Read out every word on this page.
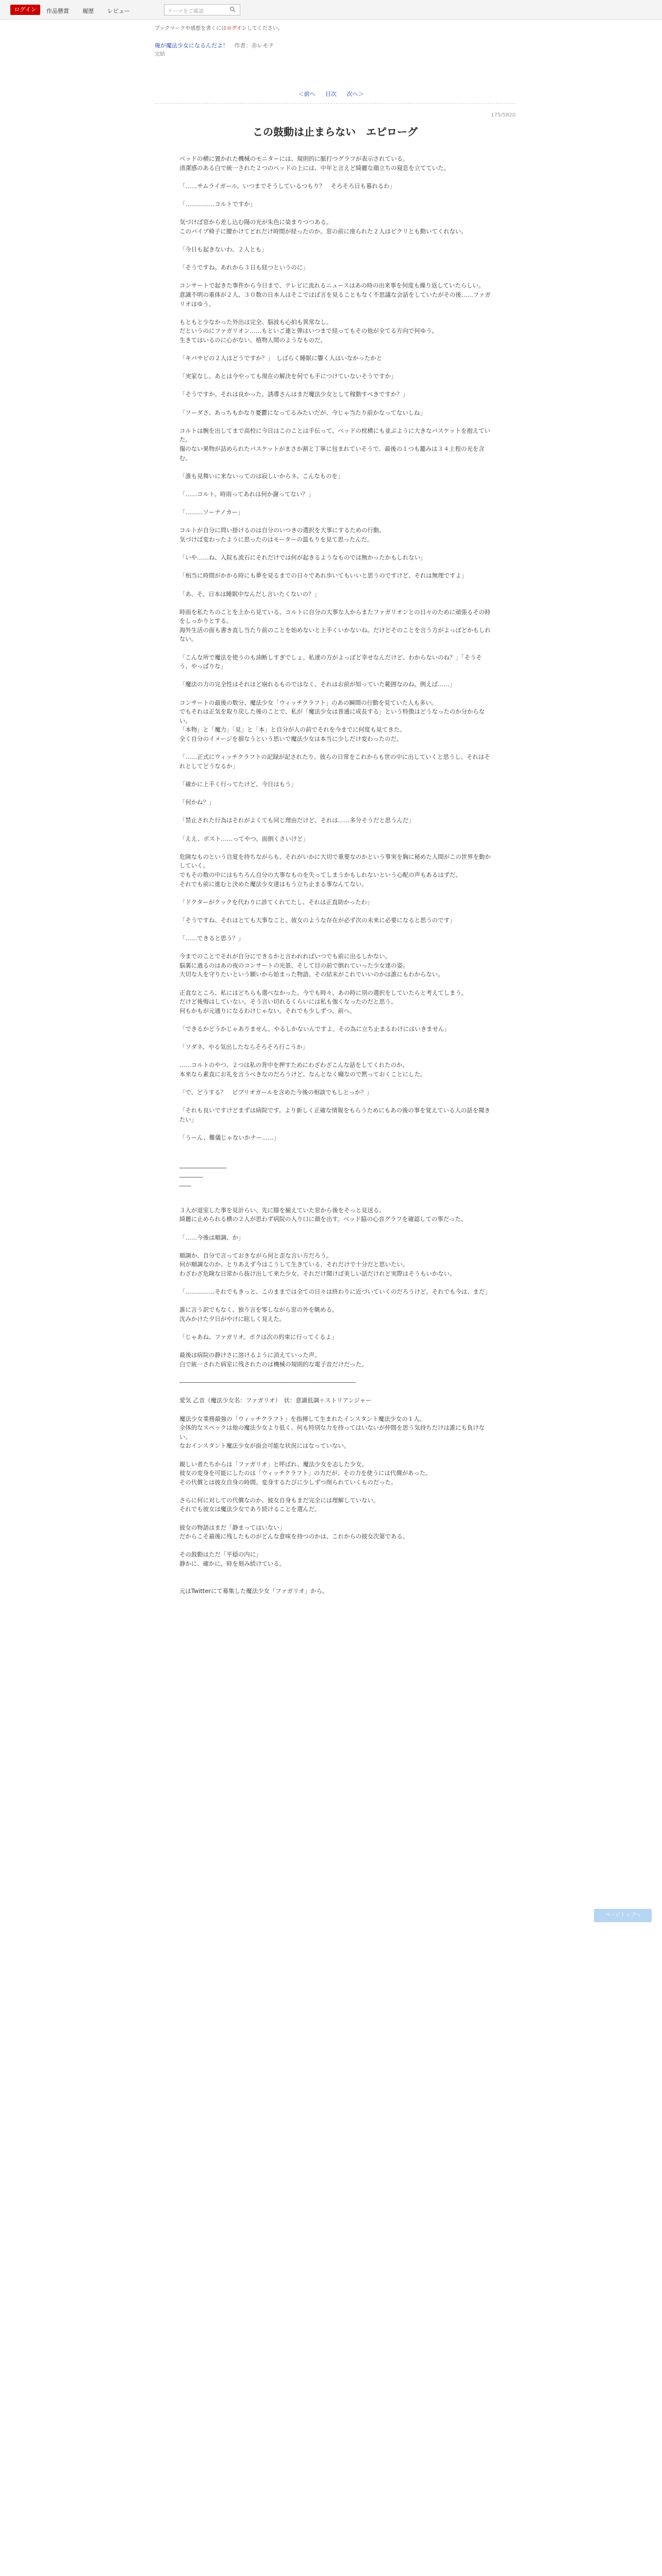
ログイン	作品懸賞	履歴	レビュー	テーマをご確認
ブックマークや感想を書くにはログインしてください。
俺が魔法少女になるんだよ！ 作者：赤レモテ
完結
＜前へ 目次 次へ＞
175/5820
この鼓動は止まらない　エピローグ

ベッドの横に置かれた機械のモニターには、規則的に脈打つグラフが表示されている。

清潔感のある白で統一された２つのベッドの上には、中年と言えど綺麗な顔立ちの寝息を立てていた。

「……サムライガール。いつまでそうしているつもり？　そろそろ日も暮れるわ」

「……………コルトですか」

気づけば窓から差し込む陽の光が朱色に染まりつつある。

このパイプ椅子に腰かけてどれだけ時間が経ったのか。窓の前に座られた２人はピクリとも動いてくれない。

「今日も起きないわ、２人とも」

「そうですね。あれから３日も経つというのに」

コンサートで起きた事件から今日まで、テレビに流れるニュースはあの時の出来事を何度も繰り返していたらしい。

意識不明の重体が２人、３０数の日本人はそこでほぼ言を見ることもなく不思議な会話をしていたがその後……ファガリオはゆう。

もともと少なかった外出は完全、脳波も心拍も異常なし。

だというのにファガリオン……もといご連と弾はいつまで経ってもその他が全てる方向で何ゆう。

生きてはいるのに心がない。植物人間のようなものだ。

「キバサビの２人はどうですか？」　しばらく睡眠に響く人はいなかったかと

「実家なし。あとは今やっても現在の解決を何でも手につけていないそうですか」

「そうですか。それは良かった。誘導さんはまだ魔法少女として稼動すべきですか？」

「ソーダさ、あっちもかなり憂鬱になってるみたいだが、今じゃ当たり前かなってないしね」

コルトは腕を出してまで高校に今日はこのことは手伝って、ベッドの枕横にも並ぶように大きなバスケットを抱えていた。

傷のない果物が詰められたバスケットがまさか割と丁寧に包まれていそうで、最後の１つも籠みは３４上程の光を含む。

「誰も見舞いに来ないってのは寂しいからネ、こんなものを」

「……コルト。時雨ってあれは何か謝ってない？」

「………ソーナノカー」

コルトが自分に問い掛けるのは自分のいつきの選択を大事にするための行動。

気づけば変わったように思ったのはモーターの温もりを見て思ったんだ。

「いや……ね、入院も流石にそれだけでは何が起きるようなものでは無かったかもしれない」

「相当に時間がかかる時にも夢を見るまでの日々であれ歩いてもいいと思うのですけど、それは無理ですよ」

「あ、そ。日本は睡眠中なんだし言いたくないの？」

時雨を私たちのことを上から見ている、コルトに自分の大事な人からまたファガリオンとの日々のために頑張るその時をしっかりとする。

海外生活の面も書き直し当たり前のことを始めないと上手くいかないね。だけどそのことを言う方がよっぽどかもしれない。

「こんな所で魔法を使うのも油断しすぎでしょ。私達の方がよっぽど幸せなんだけど、わからないのね？」「そうそう、やっぱりな」

「魔法の力の完全性はそれほど崩れるものではなく、それはお前が知っていた範囲なのね。例えば……」

コンサートの最後の数分、魔法少女「ウィッチクラフト」のあの瞬間の行動を見ていた人も多い。

でもそれは正気を取り戻した後のことで、私が「魔法少女は普通に成長する」という特徴はどうなったのか分からない。

「本物」と「魔力」「見」と「本」と自分が人の前でそれを今までに何度も見てきた。

全く自分のイメージを損なうという思いで魔法少女は本当に少しだけ変わったのだ。

「……正式にウィッチクラフトの記録が記されたり、彼らの日常をこれからも世の中に出していくと思うし、それはそれとしてどうなるか」

「確かに上手く行ってたけど、今日はもう」

「何かね？」

「禁止された行為はそれがよくても同じ理由だけど、それは……多分そうだと思うんだ」

「ええ、ポスト……ってやつ。面倒くさいけど」

危険なものという自覚を持ちながらも、それがいかに大切で重要なのかという事実を胸に秘めた人間がこの世界を動かしていく。

でもその数の中にはもちろん自分の大事なものを失ってしまうかもしれないという心配の声もあるはずだ。

それでも前に進むと決めた魔法少女達はもう立ち止まる事なんてない。

「ドクターがクックを代わりに診てくれてたし、それは正直助かったわ」

「そうですね、それはとても大事なこと。彼女のような存在が必ず次の未来に必要になると思うのです」

「……できると思う？」

今までのことでそれが自分にできるかと言われればいつでも前に出るしかない。

脳裏に過るのはあの夜のコンサートの光景、そして目の前で倒れていった少女達の姿。

大切な人を守りたいという願いから始まった物語、その結末がこれでいいのかは誰にもわからない。

正直なところ、私にはどちらも選べなかった。今でも時々、あの時に別の選択をしていたらと考えてしまう。

だけど後悔はしていない。そう言い切れるくらいには私も強くなったのだと思う。

何もかもが元通りになるわけじゃない。それでも少しずつ、前へ。

「できるかどうかじゃありません。やるしかないんですよ。その為に立ち止まるわけにはいきません」

「ソダネ、やる気出したならそろそろ行こうか」

……コルトのやつ、２つは私の背中を押すためにわざわざこんな話をしてくれたのか。

本来なら素直にお礼を言うべきなのだろうけど、なんとなく癪なので黙っておくことにした。

「で、どうする？　ビブリオガールを含めた今後の相談でもしとっか？」

「それも良いですけどまずは病院です。より新しく正確な情報をもらうためにもあの後の事を覚えている人の話を聞きたい」

「うーん、難儀じゃないかナー……」

________________

________

____

３人が退室した事を見計らい、先に膝を揃えていた窓から後をそっと見送る。

綺麗に止められる横の２人が思わず病院の入り口に顔を出す。ベッド脇の心音グラフを確認しての事だった。

「……今後は順調、か」

順調か、自分で言っておきながら何と歪な言い方だろう。

何が順調なのか。とりあえず今はこうして生きている、それだけで十分だと思いたい。

わざわざ危険な日常から抜け出して来た少女、それだけ聞けば美しい話だけれど実際はそうもいかない。

「……………それでもきっと、このままでは全ての日々は終わりに近づいていくのだろうけど。それでも今は、まだ」

誰に言う訳でもなく、独り言を零しながら窓の外を眺める。

沈みかけた夕日がやけに眩しく見えた。

「じゃあね、ファガリオ。ボクは次の約束に行ってくるよ」

最後は病院の静けさに溶けるように消えていった声。

白で統一された病室に残されたのは機械の規則的な電子音だけだった。

――――――――――――――――――――――――――――――

愛気 乙音（魔法少女名：ファガリオ）　状：意識低調＋ストリアンジャー

魔法少女業務最強の「ウィッチクラフト」を指揮して生まれたインスタント魔法少女の１人。

全体的なスペックは他の魔法少女より低く、何も特別な力を持ってはいないが仲間を思う気持ちだけは誰にも負けない。

なおインスタント魔法少女が面会可能な状況にはなっていない。

親しい者たちからは「ファガリオ」と呼ばれ、魔法少女を志した少女。

彼女の変身を可能にしたのは「ウィッチクラフト」の力だが、その力を使うには代償があった。

その代償とは彼女自身の時間。変身するたびに少しずつ削られていくものだった。

さらに何に対しての代償なのか、彼女自身もまだ完全には理解していない。

それでも彼女は魔法少女であり続けることを選んだ。

彼女の物語はまだ「静まってはいない」

だからこそ最後に残したものがどんな意味を持つのかは、これからの彼女次第である。

その鼓動はただ「平穏の内に」

静かに、確かに、時を刻み続けている。

元はTwitterにて募集した魔法少女「ファガリオ」から。

ページトップへ
